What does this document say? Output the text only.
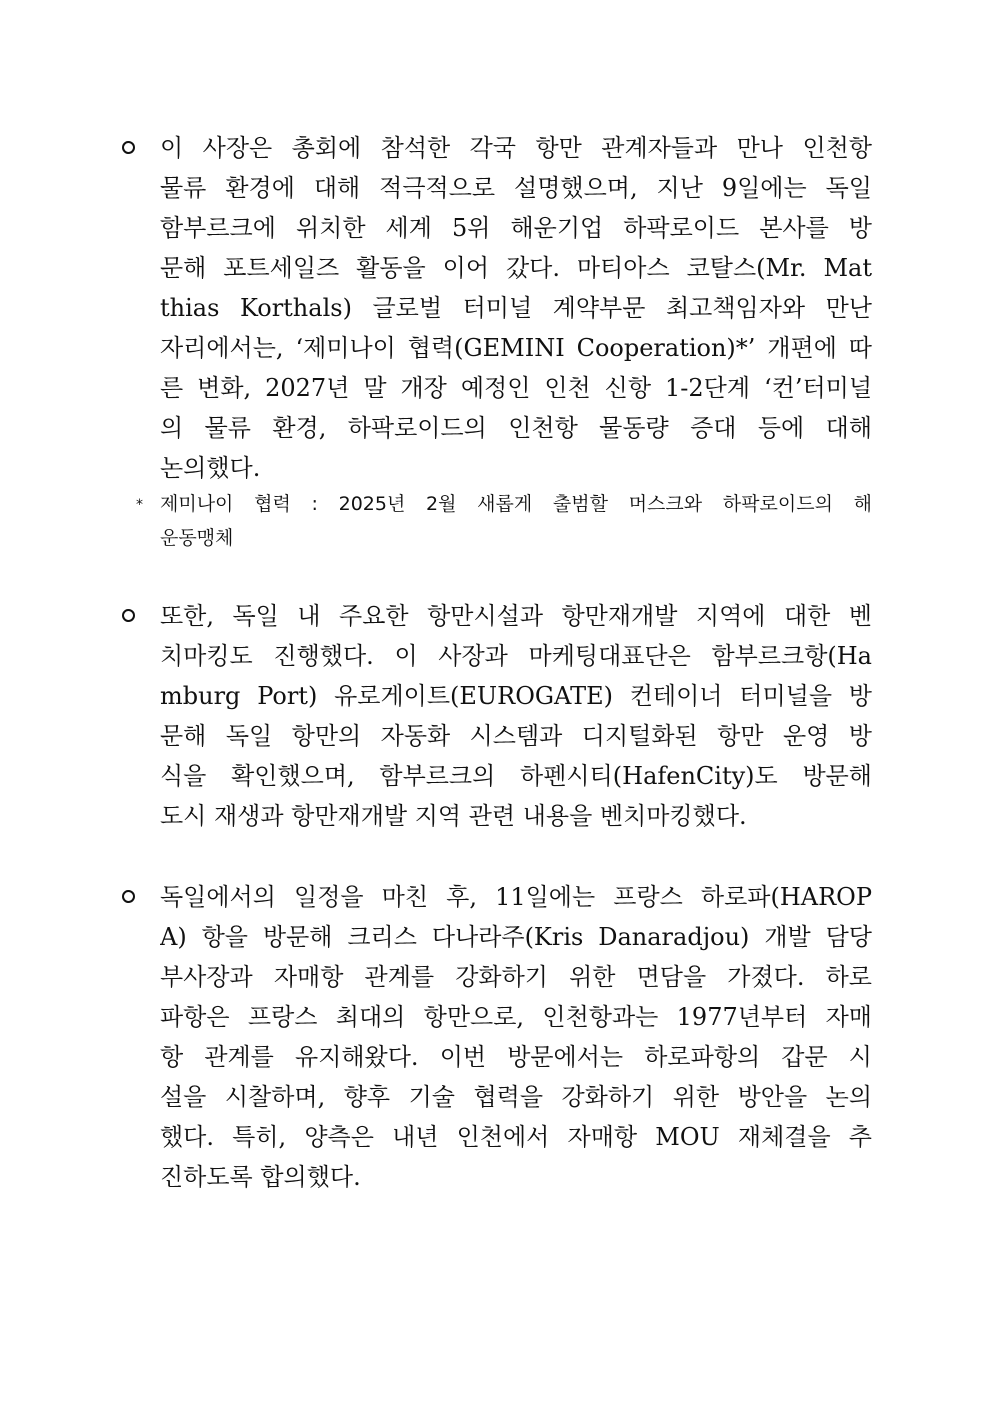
이 사장은 총회에 참석한 각국 항만 관계자들과 만나 인천항
물류 환경에 대해 적극적으로 설명했으며, 지난 9일에는 독일
함부르크에 위치한 세계 5위 해운기업 하팍로이드 본사를 방
문해 포트세일즈 활동을 이어 갔다. 마티아스 코탈스(Mr. Mat
thias Korthals) 글로벌 터미널 계약부문 최고책임자와 만난
자리에서는, ‘제미나이 협력(GEMINI Cooperation)*’ 개편에 따
른 변화, 2027년 말 개장 예정인 인천 신항 1-2단계 ‘컨’터미널
의 물류 환경, 하팍로이드의 인천항 물동량 증대 등에 대해
논의했다.
* 제미나이 협력 : 2025년 2월 새롭게 출범할 머스크와 하팍로이드의 해
운동맹체
또한, 독일 내 주요한 항만시설과 항만재개발 지역에 대한 벤
치마킹도 진행했다. 이 사장과 마케팅대표단은 함부르크항(Ha
mburg Port) 유로게이트(EUROGATE) 컨테이너 터미널을 방
문해 독일 항만의 자동화 시스템과 디지털화된 항만 운영 방
식을 확인했으며, 함부르크의 하펜시티(HafenCity)도 방문해
도시 재생과 항만재개발 지역 관련 내용을 벤치마킹했다.
독일에서의 일정을 마친 후, 11일에는 프랑스 하로파(HAROP
A) 항을 방문해 크리스 다나라주(Kris Danaradjou) 개발 담당
부사장과 자매항 관계를 강화하기 위한 면담을 가졌다. 하로
파항은 프랑스 최대의 항만으로, 인천항과는 1977년부터 자매
항 관계를 유지해왔다. 이번 방문에서는 하로파항의 갑문 시
설을 시찰하며, 향후 기술 협력을 강화하기 위한 방안을 논의
했다. 특히, 양측은 내년 인천에서 자매항 MOU 재체결을 추
진하도록 합의했다.
